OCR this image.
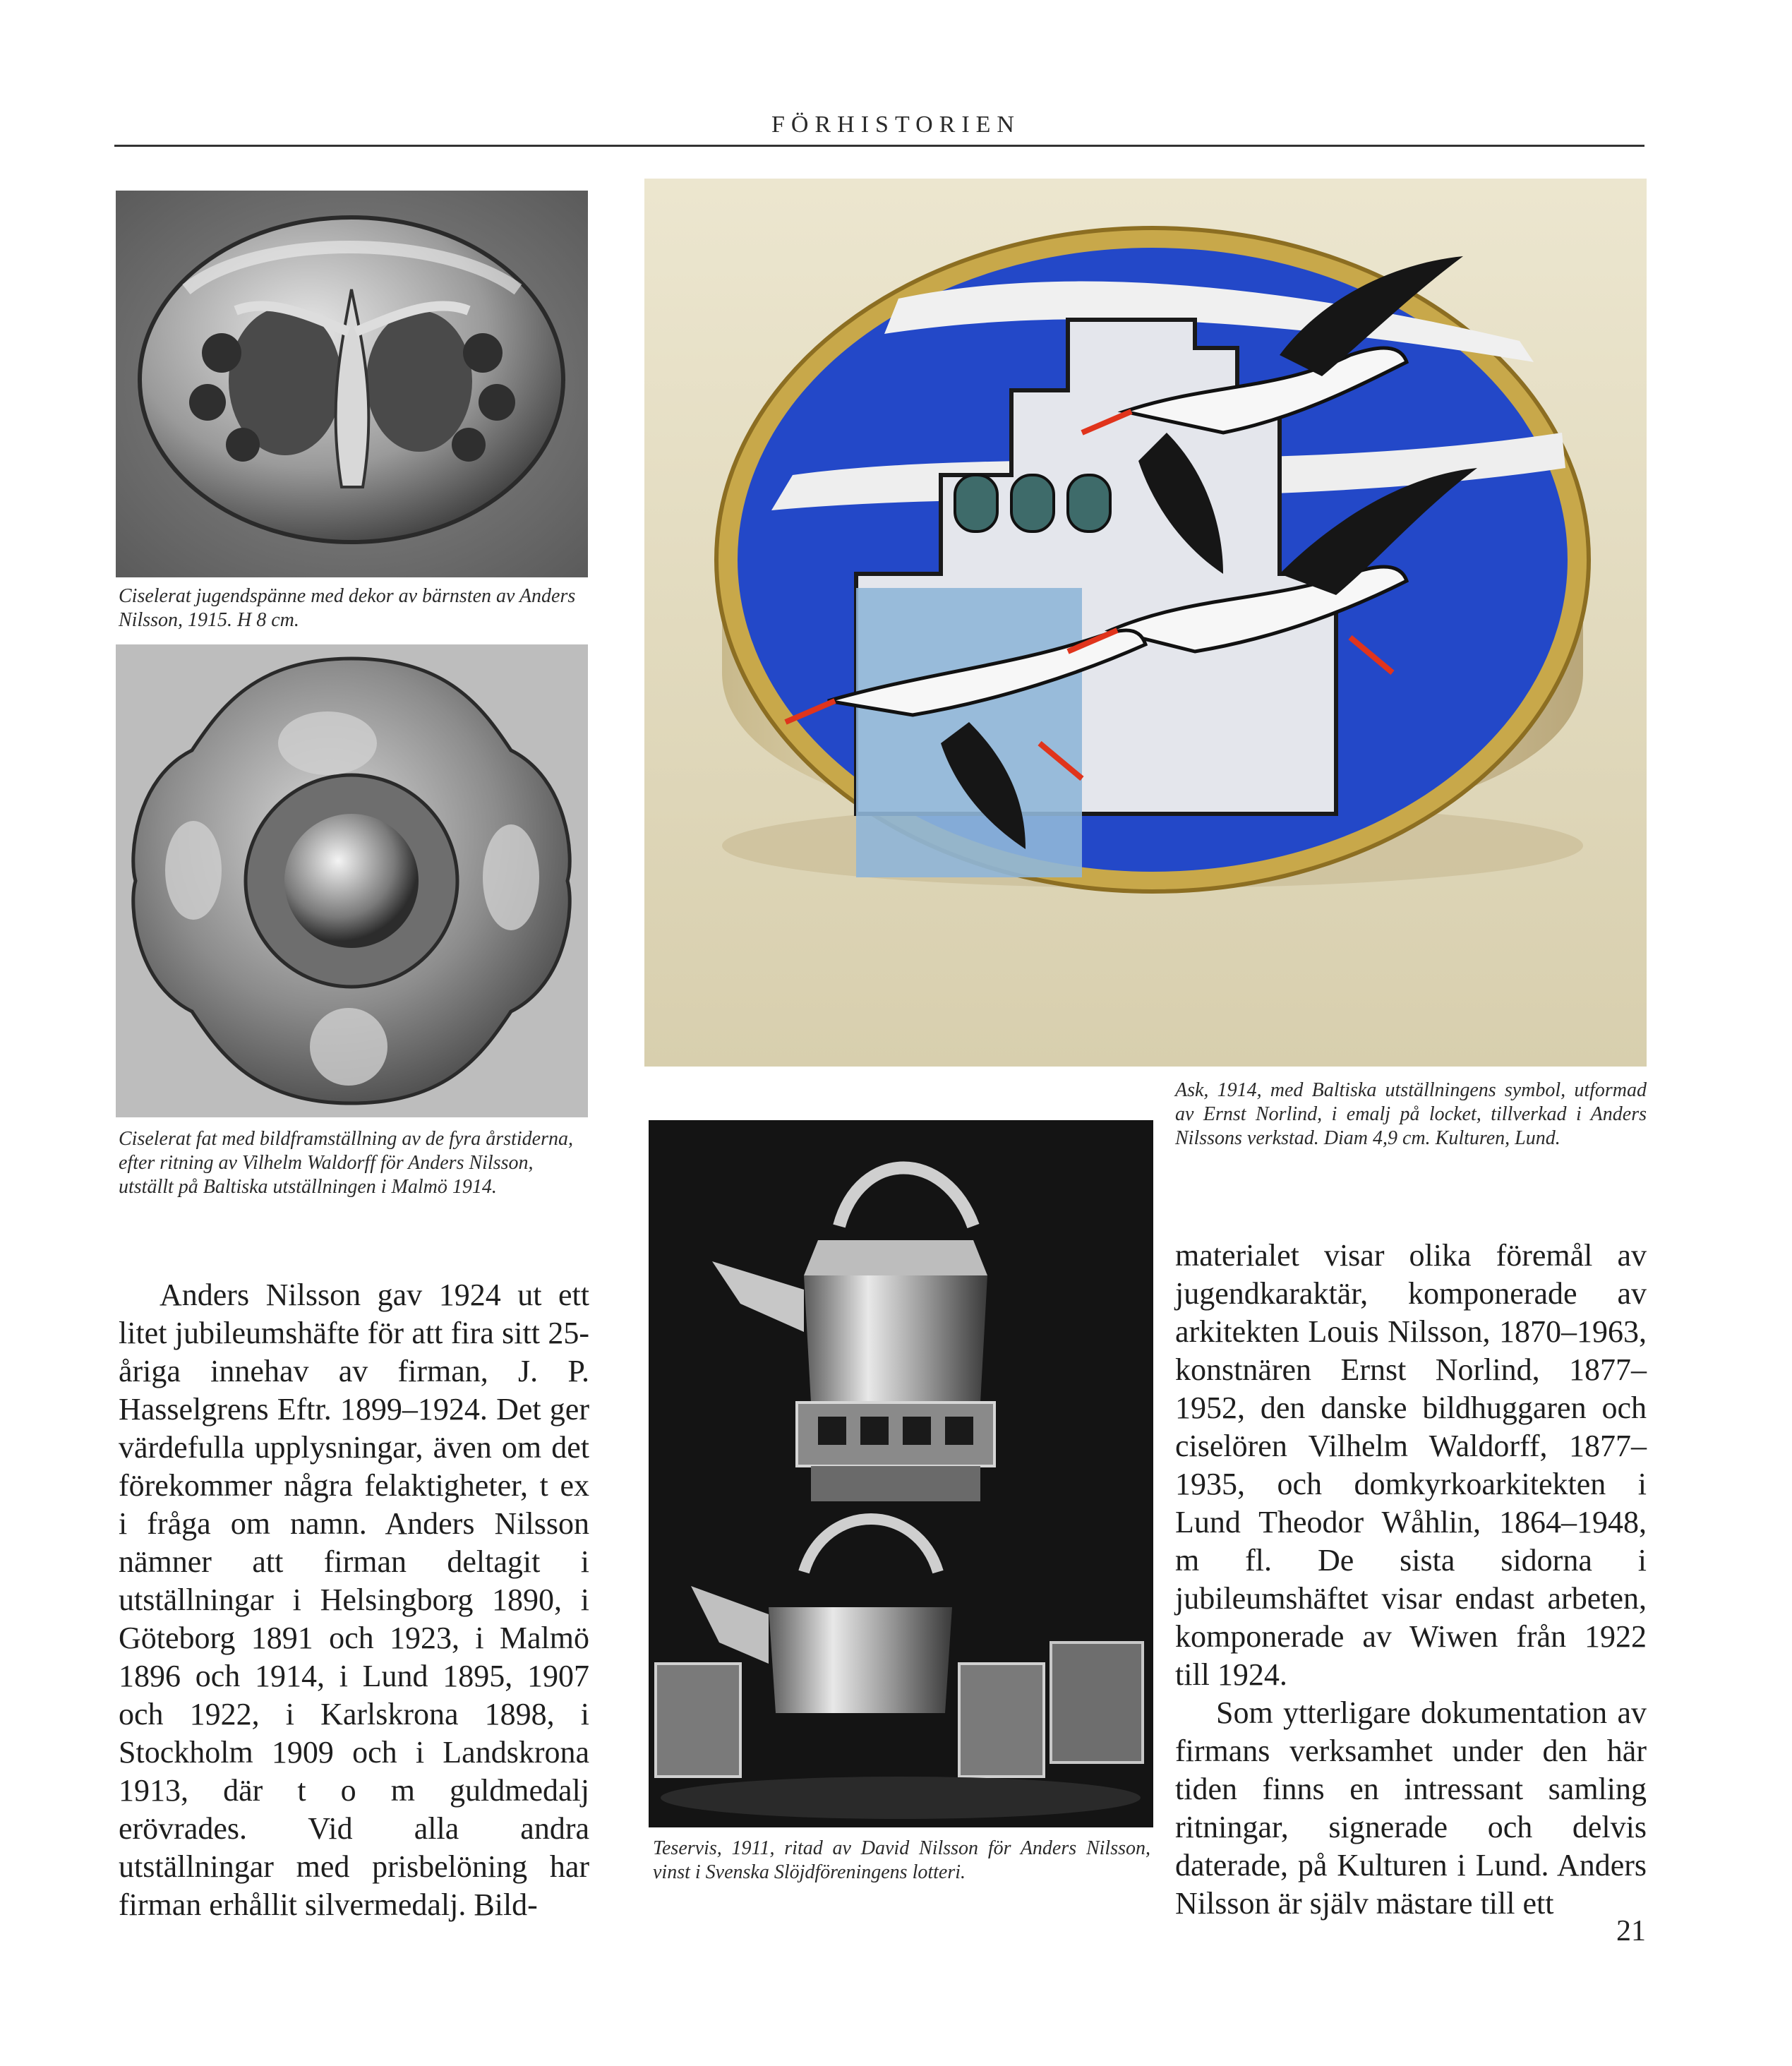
FÖRHISTORIEN
Ciselerat jugendspänne med dekor av bärnsten av Anders Nilsson, 1915. H 8 cm.
Ciselerat fat med bildframställning av de fyra årstiderna, efter ritning av Vilhelm Waldorff för Anders Nilsson, utställt på Baltiska utställningen i Malmö 1914.
Ask, 1914, med Baltiska utställningens symbol, utformad av Ernst Norlind, i emalj på locket, tillverkad i Anders Nilssons verkstad. Diam 4,9 cm. Kulturen, Lund.
Teservis, 1911, ritad av David Nilsson för Anders Nilsson, vinst i Svenska Slöjdföreningens lotteri.

Anders Nilsson gav 1924 ut ett litet jubileumshäfte för att fira sitt 25-åriga innehav av firman, J. P. Hasselgrens Eftr. 1899–1924. Det ger värdefulla upplysningar, även om det förekommer några felaktigheter, t ex i fråga om namn. Anders Nilsson nämner att firman deltagit i utställningar i Helsingborg 1890, i Göteborg 1891 och 1923, i Malmö 1896 och 1914, i Lund 1895, 1907 och 1922, i Karlskrona 1898, i Stockholm 1909 och i Landskrona 1913, där t o m guldmedalj erövrades. Vid alla andra utställningar med prisbelöning har firman erhållit silvermedalj. Bild-

materialet visar olika föremål av jugendkaraktär, komponerade av arkitekten Louis Nilsson, 1870–1963, konstnären Ernst Norlind, 1877–1952, den danske bildhuggaren och ciselören Vilhelm Waldorff, 1877–1935, och domkyrkoarkitekten i Lund Theodor Wåhlin, 1864–1948, m fl. De sista sidorna i jubileumshäftet visar endast arbeten, komponerade av Wiwen från 1922 till 1924.

Som ytterligare dokumentation av firmans verksamhet under den här tiden finns en intressant samling ritningar, signerade och delvis daterade, på Kulturen i Lund. Anders Nilsson är själv mästare till ett

21
